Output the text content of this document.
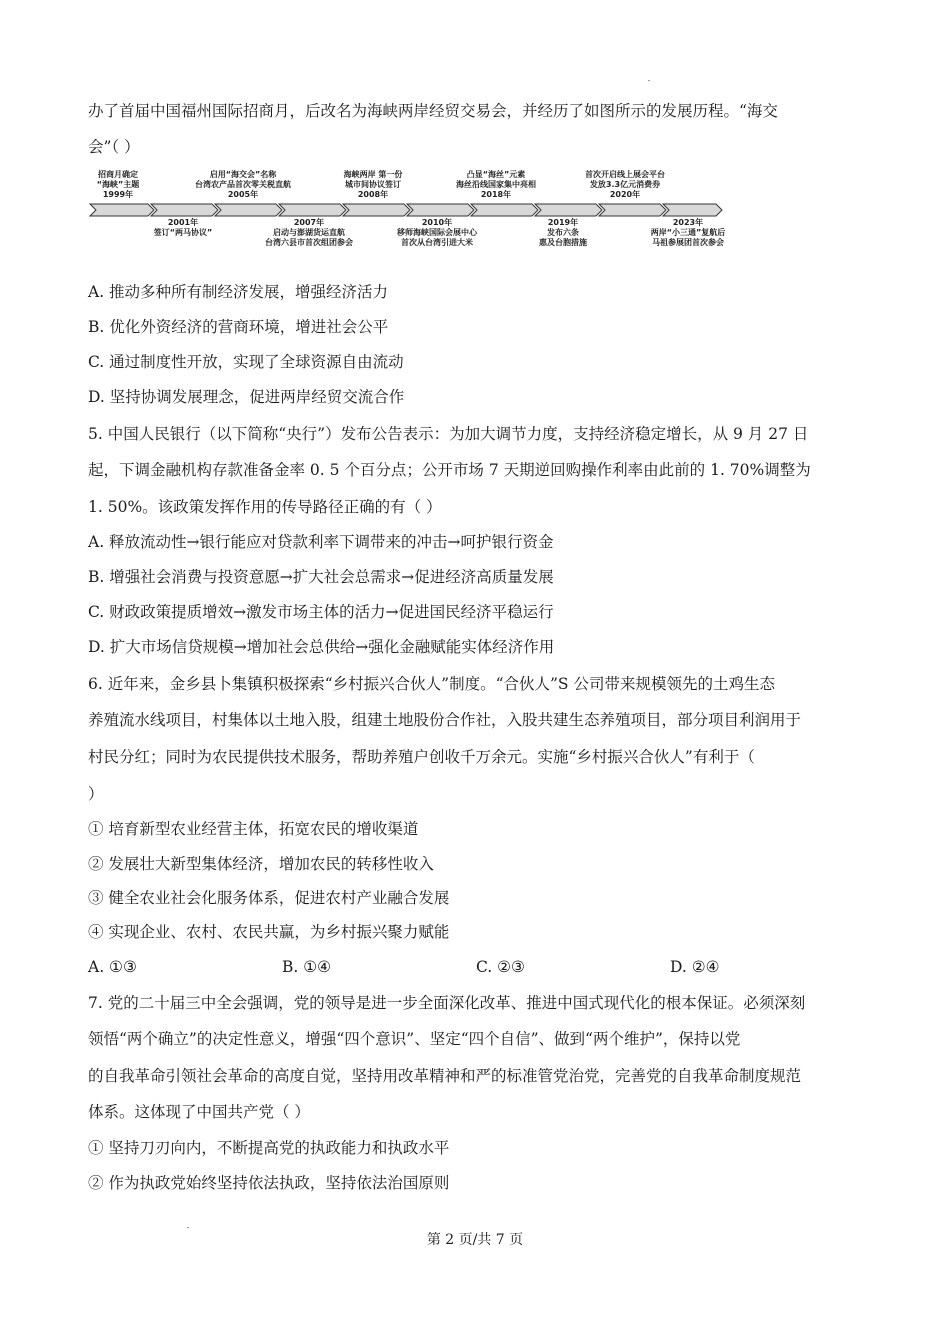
办了首届中国福州国际招商月，后改名为海峡两岸经贸交易会，并经历了如图所示的发展历程。“海交
会”（ ）
招商月确定
“海峡”主题
1999年
启用“海交会”名称
台湾农产品首次零关税直航
2005年
海峡两岸 第一份
城市间协议签订
2008年
凸显“海丝”元素
海丝沿线国家集中亮相
2018年
首次开启线上展会平台
发放3.3亿元消费券
2020年
2001年
签订“两马协议”
2007年
启动与澎湖货运直航
台湾六县市首次组团参会
2010年
移师海峡国际会展中心
首次从台湾引进大米
2019年
发布六条
惠及台胞措施
2023年
两岸“小三通”复航后
马祖参展团首次参会
A. 推动多种所有制经济发展，增强经济活力
B. 优化外资经济的营商环境，增进社会公平
C. 通过制度性开放，实现了全球资源自由流动
D. 坚持协调发展理念，促进两岸经贸交流合作
5. 中国人民银行（以下简称“央行”）发布公告表示：为加大调节力度，支持经济稳定增长，从 9 月 27 日
起，下调金融机构存款准备金率 0. 5 个百分点；公开市场 7 天期逆回购操作利率由此前的 1. 70%调整为
1. 50%。该政策发挥作用的传导路径正确的有（ ）
A. 释放流动性→银行能应对贷款利率下调带来的冲击→呵护银行资金
B. 增强社会消费与投资意愿→扩大社会总需求→促进经济高质量发展
C. 财政政策提质增效→激发市场主体的活力→促进国民经济平稳运行
D. 扩大市场信贷规模→增加社会总供给→强化金融赋能实体经济作用
6. 近年来，金乡县卜集镇积极探索“乡村振兴合伙人”制度。“合伙人”S 公司带来规模领先的土鸡生态
养殖流水线项目，村集体以土地入股，组建土地股份合作社，入股共建生态养殖项目，部分项目利润用于
村民分红；同时为农民提供技术服务，帮助养殖户创收千万余元。实施“乡村振兴合伙人”有利于（
）
① 培育新型农业经营主体，拓宽农民的增收渠道
② 发展壮大新型集体经济，增加农民的转移性收入
③ 健全农业社会化服务体系，促进农村产业融合发展
④ 实现企业、农村、农民共赢，为乡村振兴聚力赋能
A. ①③	B. ①④	C. ②③	D. ②④
7. 党的二十届三中全会强调，党的领导是进一步全面深化改革、推进中国式现代化的根本保证。必须深刻
领悟“两个确立”的决定性意义，增强“四个意识”、坚定“四个自信”、做到“两个维护”，保持以党
的自我革命引领社会革命的高度自觉，坚持用改革精神和严的标准管党治党，完善党的自我革命制度规范
体系。这体现了中国共产党（ ）
① 坚持刀刃向内，不断提高党的执政能力和执政水平
② 作为执政党始终坚持依法执政，坚持依法治国原则
第 2 页/共 7 页
